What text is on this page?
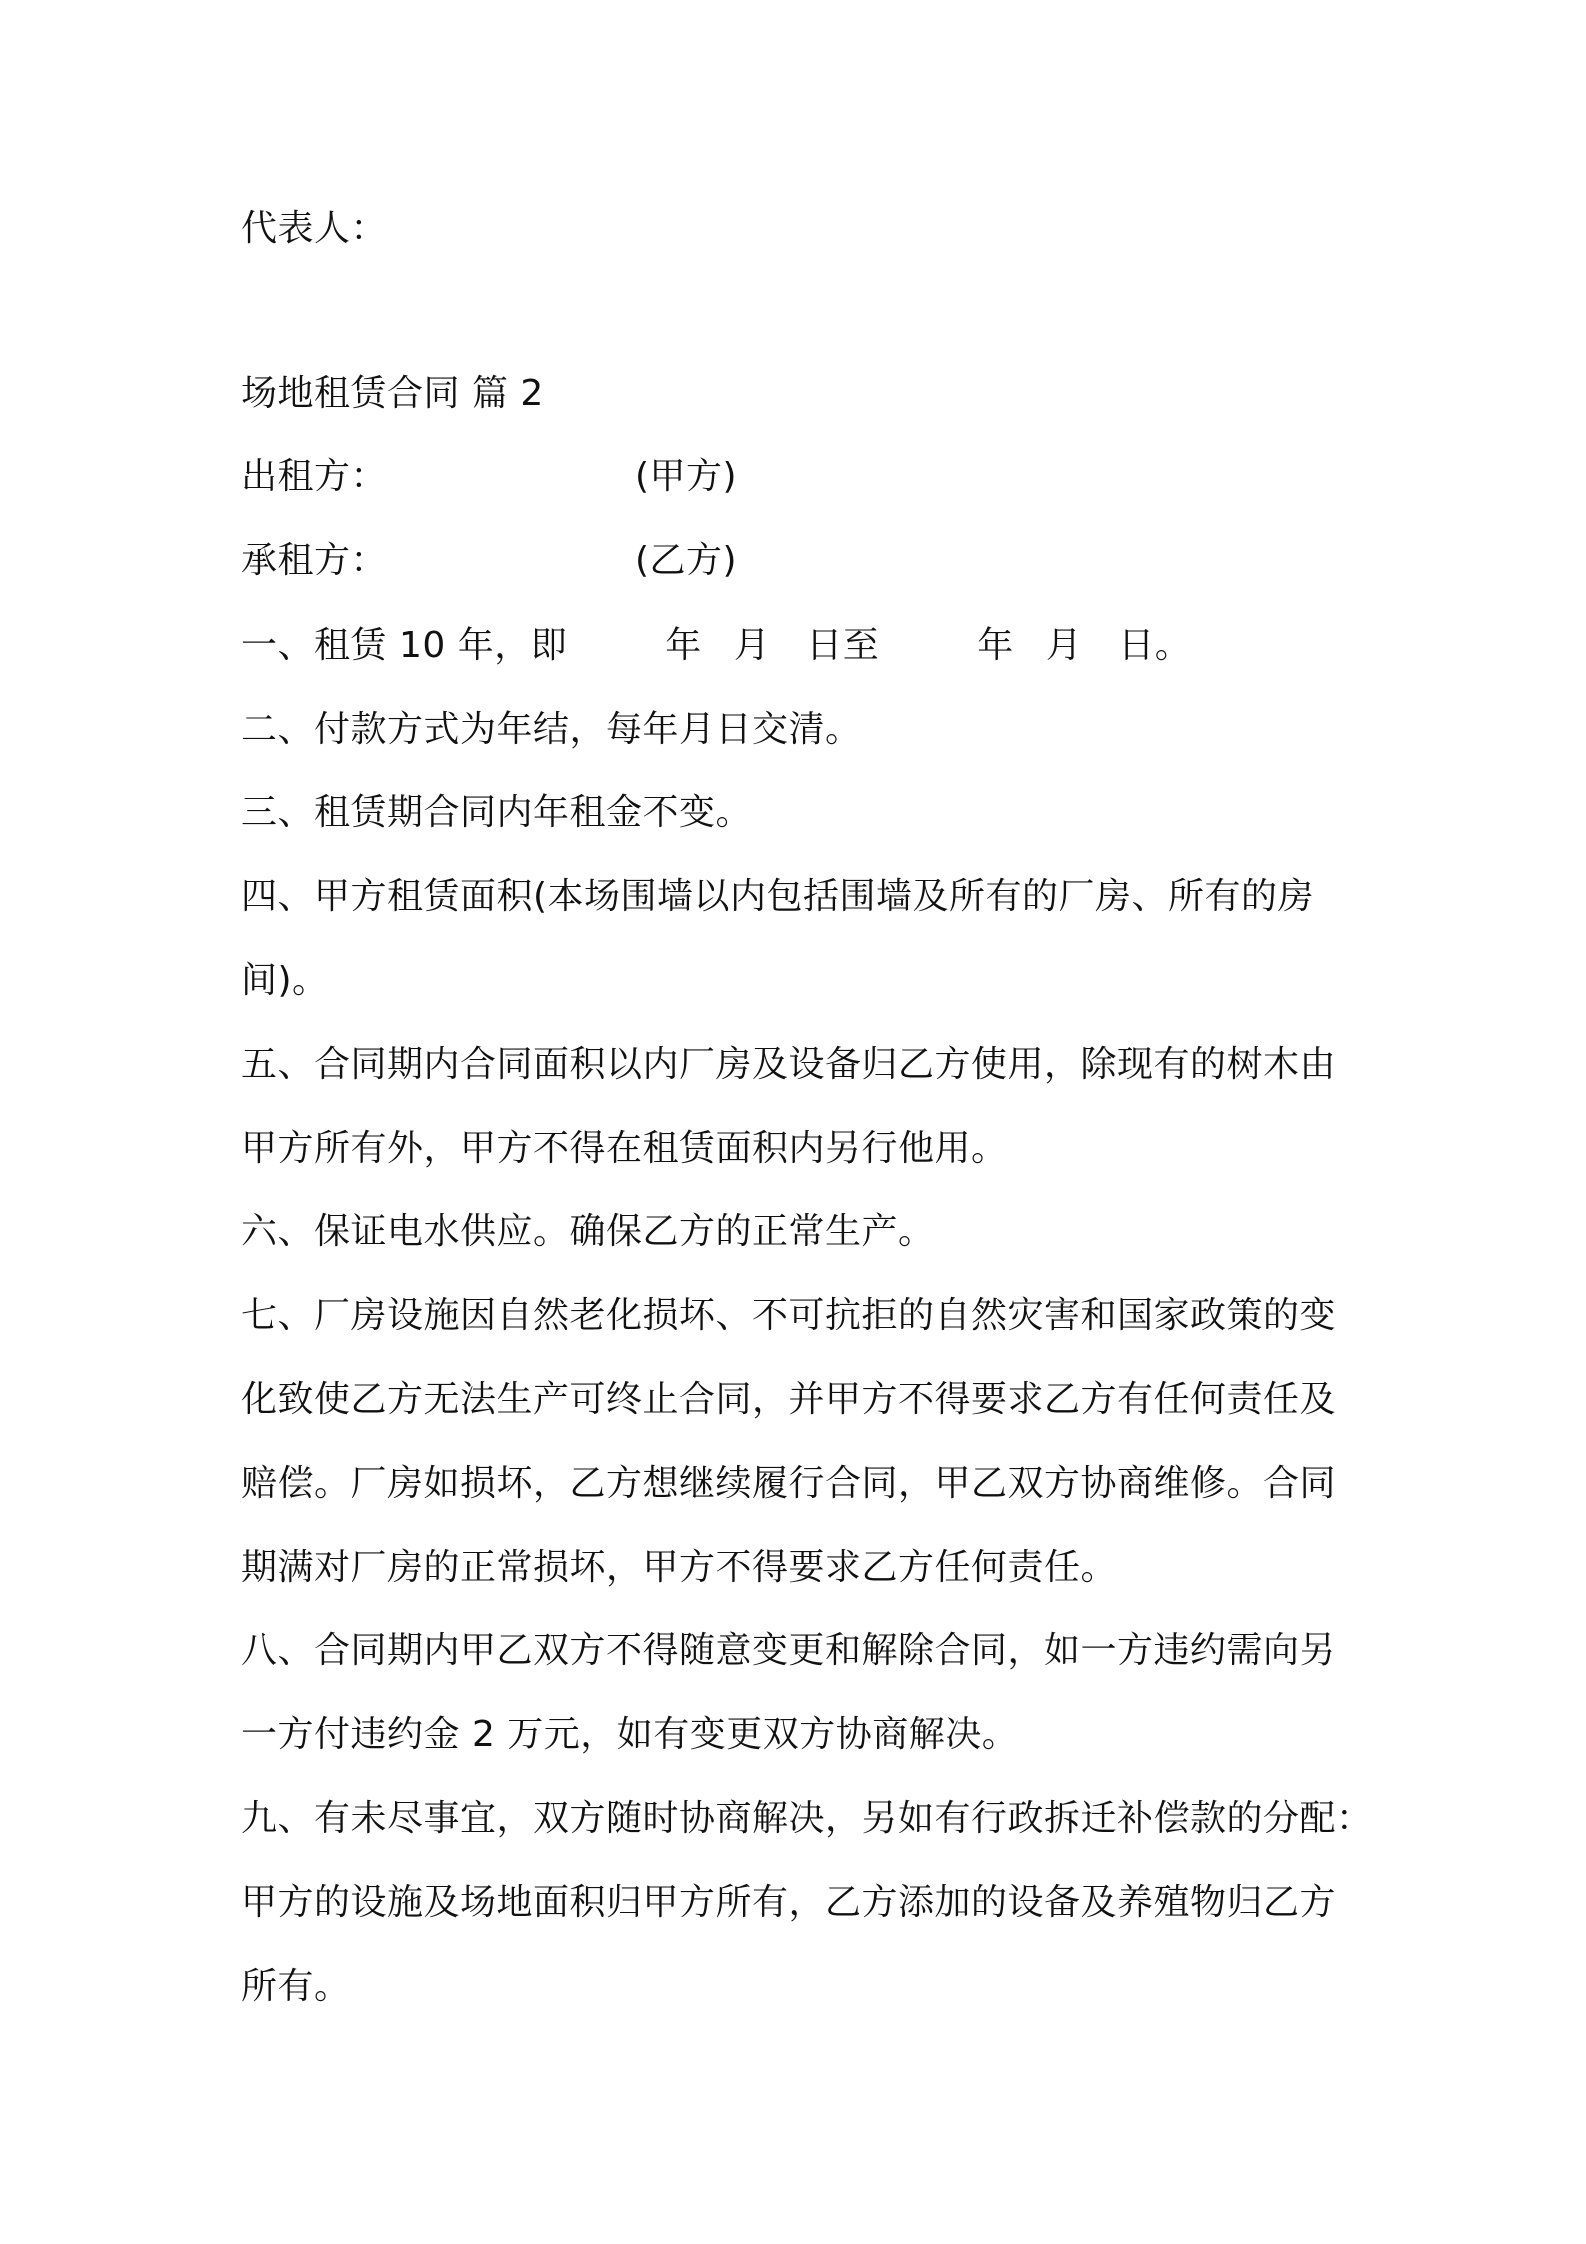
代表人：
场地租赁合同 篇 2
出租方：	(甲方)
承租方：	(乙方)
一、租赁 10 年，即	年 月 日至	年 月 日。
二、付款方式为年结，每年月日交清。
三、租赁期合同内年租金不变。
四、甲方租赁面积(本场围墙以内包括围墙及所有的厂房、所有的房
间)。
五、合同期内合同面积以内厂房及设备归乙方使用，除现有的树木由
甲方所有外，甲方不得在租赁面积内另行他用。
六、保证电水供应。确保乙方的正常生产。
七、厂房设施因自然老化损坏、不可抗拒的自然灾害和国家政策的变
化致使乙方无法生产可终止合同，并甲方不得要求乙方有任何责任及
赔偿。厂房如损坏，乙方想继续履行合同，甲乙双方协商维修。合同
期满对厂房的正常损坏，甲方不得要求乙方任何责任。
八、合同期内甲乙双方不得随意变更和解除合同，如一方违约需向另
一方付违约金 2 万元，如有变更双方协商解决。
九、有未尽事宜，双方随时协商解决，另如有行政拆迁补偿款的分配：
甲方的设施及场地面积归甲方所有，乙方添加的设备及养殖物归乙方
所有。
